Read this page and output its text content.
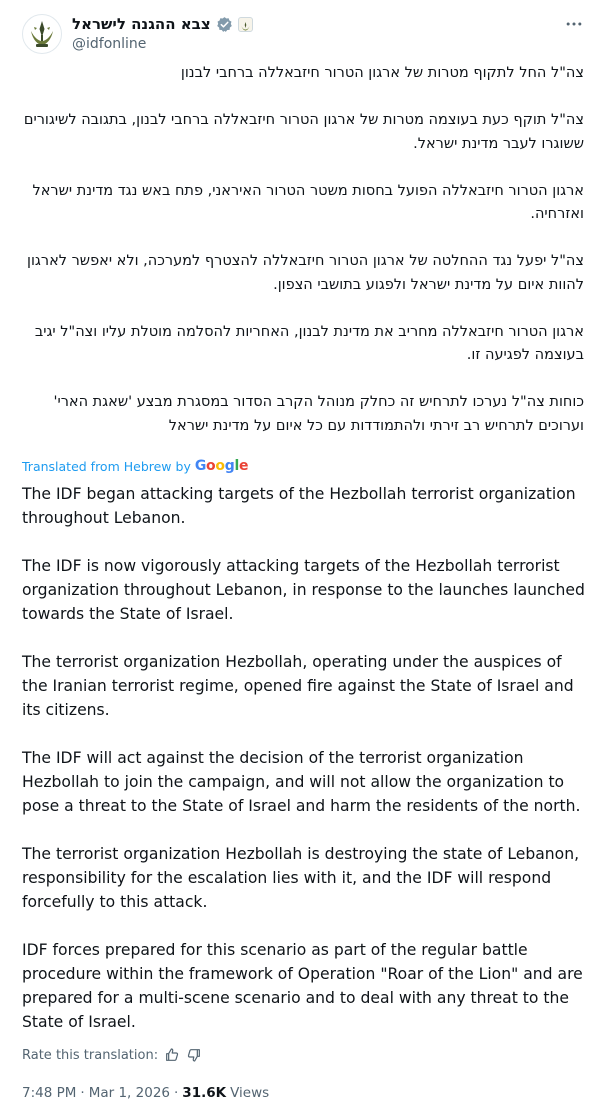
צבא ההגנה לישראל
@idfonline

צה"ל החל לתקוף מטרות של ארגון הטרור חיזבאללה ברחבי לבנון

צה"ל תוקף כעת בעוצמה מטרות של ארגון הטרור חיזבאללה ברחבי לבנון, בתגובה לשיגורים ששוגרו לעבר מדינת ישראל.

ארגון הטרור חיזבאללה הפועל בחסות משטר הטרור האיראני, פתח באש נגד מדינת ישראל ואזרחיה.

צה"ל יפעל נגד ההחלטה של ארגון הטרור חיזבאללה להצטרף למערכה, ולא יאפשר לארגון להוות איום על מדינת ישראל ולפגוע בתושבי הצפון.

ארגון הטרור חיזבאללה מחריב את מדינת לבנון, האחריות להסלמה מוטלת עליו וצה"ל יגיב בעוצמה לפגיעה זו.

כוחות צה"ל נערכו לתרחיש זה כחלק מנוהל הקרב הסדור במסגרת מבצע 'שאגת הארי' וערוכים לתרחיש רב זירתי ולהתמודדות עם כל איום על מדינת ישראל

Translated from Hebrew by Google

The IDF began attacking targets of the Hezbollah terrorist organization throughout Lebanon.

The IDF is now vigorously attacking targets of the Hezbollah terrorist organization throughout Lebanon, in response to the launches launched towards the State of Israel.

The terrorist organization Hezbollah, operating under the auspices of the Iranian terrorist regime, opened fire against the State of Israel and its citizens.

The IDF will act against the decision of the terrorist organization Hezbollah to join the campaign, and will not allow the organization to pose a threat to the State of Israel and harm the residents of the north.

The terrorist organization Hezbollah is destroying the state of Lebanon, responsibility for the escalation lies with it, and the IDF will respond forcefully to this attack.

IDF forces prepared for this scenario as part of the regular battle procedure within the framework of Operation "Roar of the Lion" and are prepared for a multi-scene scenario and to deal with any threat to the State of Israel.

Rate this translation:
7:48 PM · Mar 1, 2026 · 31.6K Views
